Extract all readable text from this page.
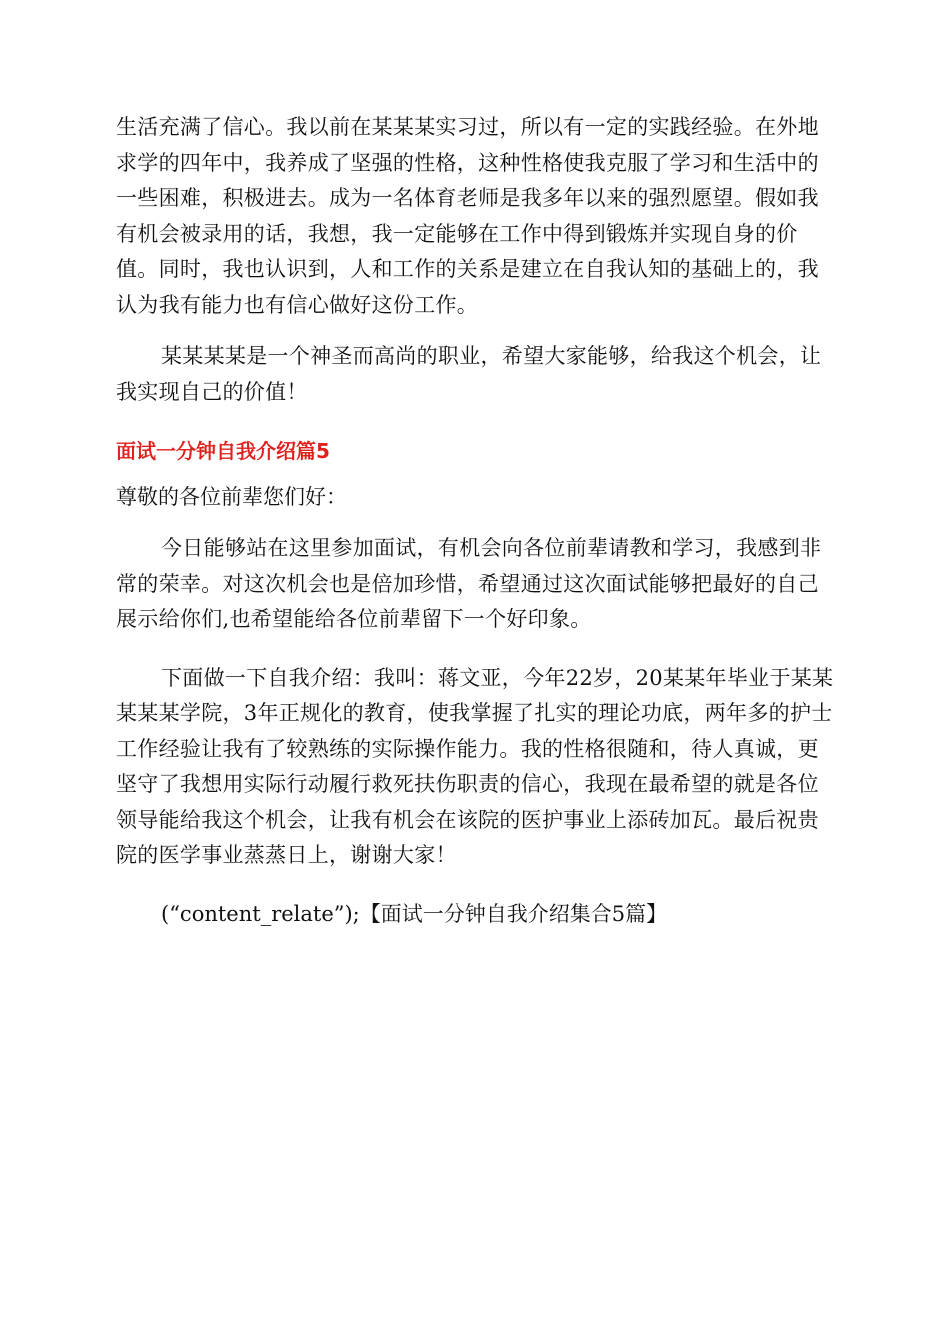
生活充满了信心。我以前在某某某实习过，所以有一定的实践经验。在外地求学的四年中，我养成了坚强的性格，这种性格使我克服了学习和生活中的一些困难，积极进去。成为一名体育老师是我多年以来的强烈愿望。假如我有机会被录用的话，我想，我一定能够在工作中得到锻炼并实现自身的价值。同时，我也认识到，人和工作的关系是建立在自我认知的基础上的，我认为我有能力也有信心做好这份工作。

某某某某是一个神圣而高尚的职业，希望大家能够，给我这个机会，让我实现自己的价值！

面试一分钟自我介绍篇5

尊敬的各位前辈您们好：

今日能够站在这里参加面试，有机会向各位前辈请教和学习，我感到非常的荣幸。对这次机会也是倍加珍惜，希望通过这次面试能够把最好的自己展示给你们,也希望能给各位前辈留下一个好印象。

下面做一下自我介绍：我叫：蒋文亚，今年22岁，20某某年毕业于某某某某某学院，3年正规化的教育，使我掌握了扎实的理论功底，两年多的护士工作经验让我有了较熟练的实际操作能力。我的性格很随和，待人真诚，更坚守了我想用实际行动履行救死扶伤职责的信心，我现在最希望的就是各位领导能给我这个机会，让我有机会在该院的医护事业上添砖加瓦。最后祝贵院的医学事业蒸蒸日上，谢谢大家！

(“content_relate”);【面试一分钟自我介绍集合5篇】
